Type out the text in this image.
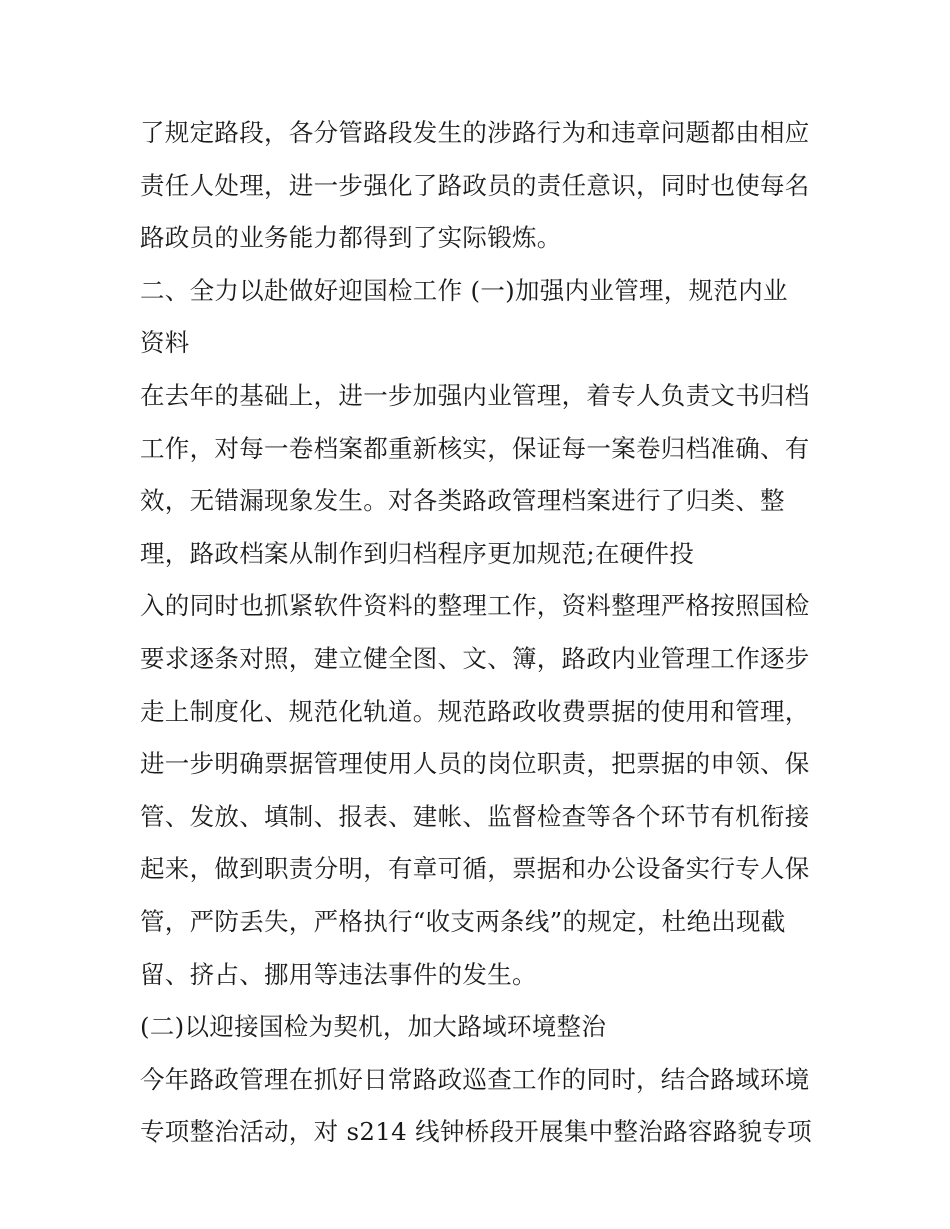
了规定路段，各分管路段发生的涉路行为和违章问题都由相应
责任人处理，进一步强化了路政员的责任意识，同时也使每名
路政员的业务能力都得到了实际锻炼。
二、全力以赴做好迎国检工作 (一)加强内业管理，规范内业
资料
在去年的基础上，进一步加强内业管理，着专人负责文书归档
工作，对每一卷档案都重新核实，保证每一案卷归档准确、有
效，无错漏现象发生。对各类路政管理档案进行了归类、整
理，路政档案从制作到归档程序更加规范;在硬件投
入的同时也抓紧软件资料的整理工作，资料整理严格按照国检
要求逐条对照，建立健全图、文、簿，路政内业管理工作逐步
走上制度化、规范化轨道。规范路政收费票据的使用和管理，
进一步明确票据管理使用人员的岗位职责，把票据的申领、保
管、发放、填制、报表、建帐、监督检查等各个环节有机衔接
起来，做到职责分明，有章可循，票据和办公设备实行专人保
管，严防丢失，严格执行“收支两条线”的规定，杜绝出现截
留、挤占、挪用等违法事件的发生。
(二)以迎接国检为契机，加大路域环境整治
今年路政管理在抓好日常路政巡查工作的同时，结合路域环境
专项整治活动，对 s214 线钟桥段开展集中整治路容路貌专项
